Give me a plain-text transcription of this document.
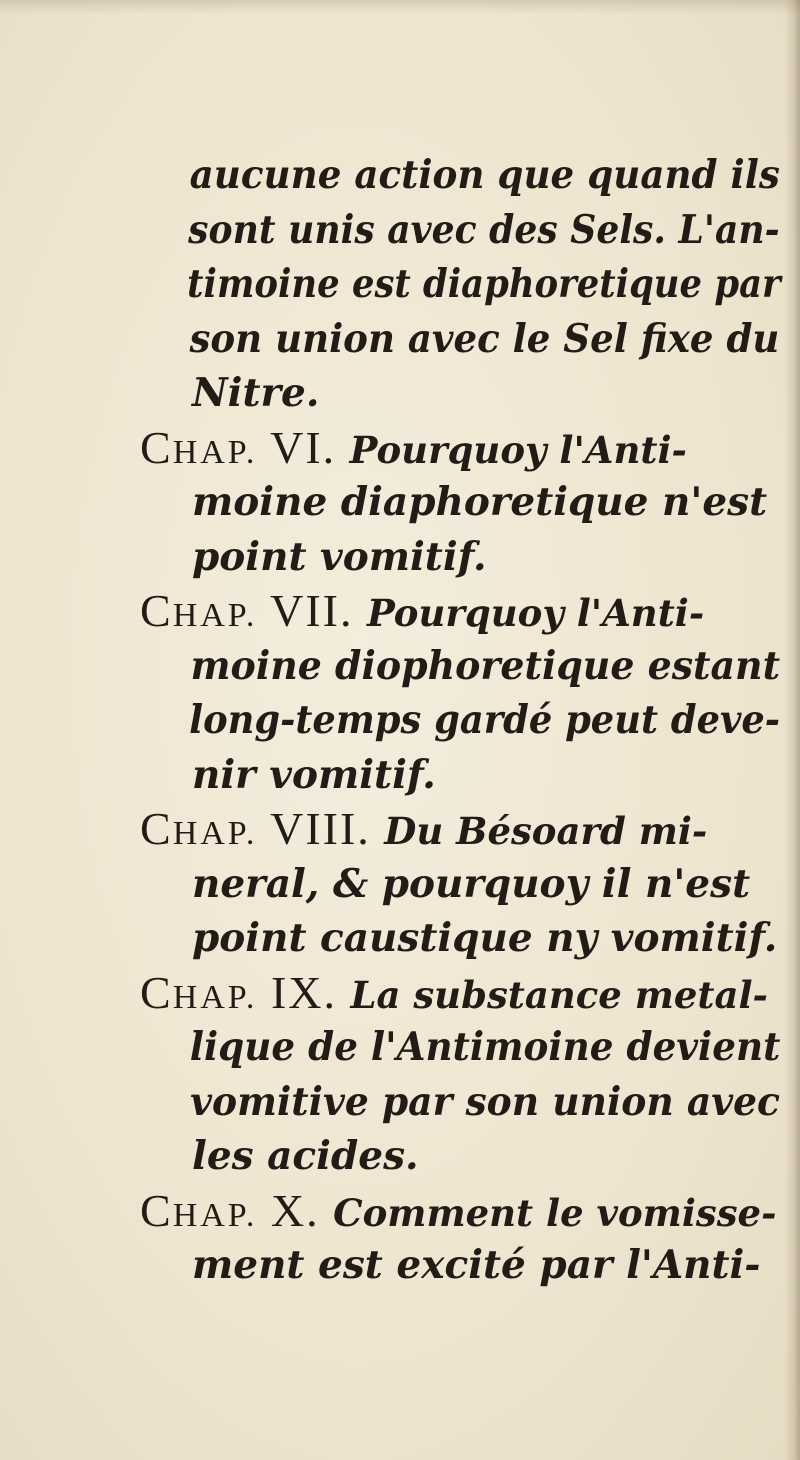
aucune action que quand ils
sont unis avec des Sels. L'an-
timoine est diaphoretique par
son union avec le Sel fixe du
Nitre.
CHAP. VI. Pourquoy l'Anti-
moine diaphoretique n'est
point vomitif.
CHAP. VII. Pourquoy l'Anti-
moine diophoretique estant
long-temps gardé peut deve-
nir vomitif.
CHAP. VIII. Du Bésoard mi-
neral, & pourquoy il n'est
point caustique ny vomitif.
CHAP. IX. La substance metal-
lique de l'Antimoine devient
vomitive par son union avec
les acides.
CHAP. X. Comment le vomisse-
ment est excité par l'Anti-
